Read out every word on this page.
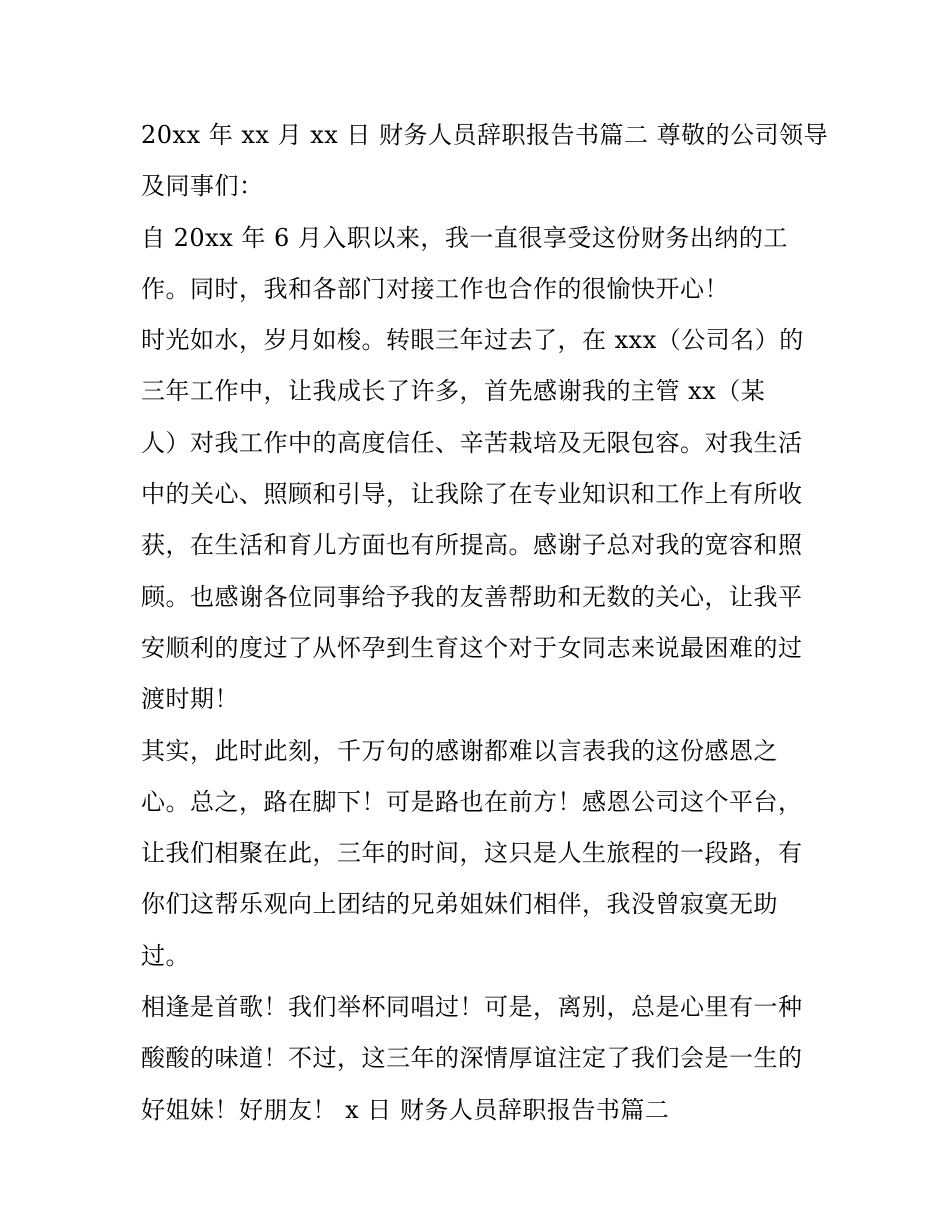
20xx 年 xx 月 xx 日 财务人员辞职报告书篇二 尊敬的公司领导
及同事们：
自 20xx 年 6 月入职以来，我一直很享受这份财务出纳的工
作。同时，我和各部门对接工作也合作的很愉快开心！
时光如水，岁月如梭。转眼三年过去了，在 xxx（公司名）的
三年工作中，让我成长了许多，首先感谢我的主管 xx（某
人）对我工作中的高度信任、辛苦栽培及无限包容。对我生活
中的关心、照顾和引导，让我除了在专业知识和工作上有所收
获，在生活和育儿方面也有所提高。感谢子总对我的宽容和照
顾。也感谢各位同事给予我的友善帮助和无数的关心，让我平
安顺利的度过了从怀孕到生育这个对于女同志来说最困难的过
渡时期！
其实，此时此刻，千万句的感谢都难以言表我的这份感恩之
心。总之，路在脚下！可是路也在前方！感恩公司这个平台，
让我们相聚在此，三年的时间，这只是人生旅程的一段路，有
你们这帮乐观向上团结的兄弟姐妹们相伴，我没曾寂寞无助
过。
相逢是首歌！我们举杯同唱过！可是，离别，总是心里有一种
酸酸的味道！不过，这三年的深情厚谊注定了我们会是一生的
好姐妹！好朋友！ x 日 财务人员辞职报告书篇二
